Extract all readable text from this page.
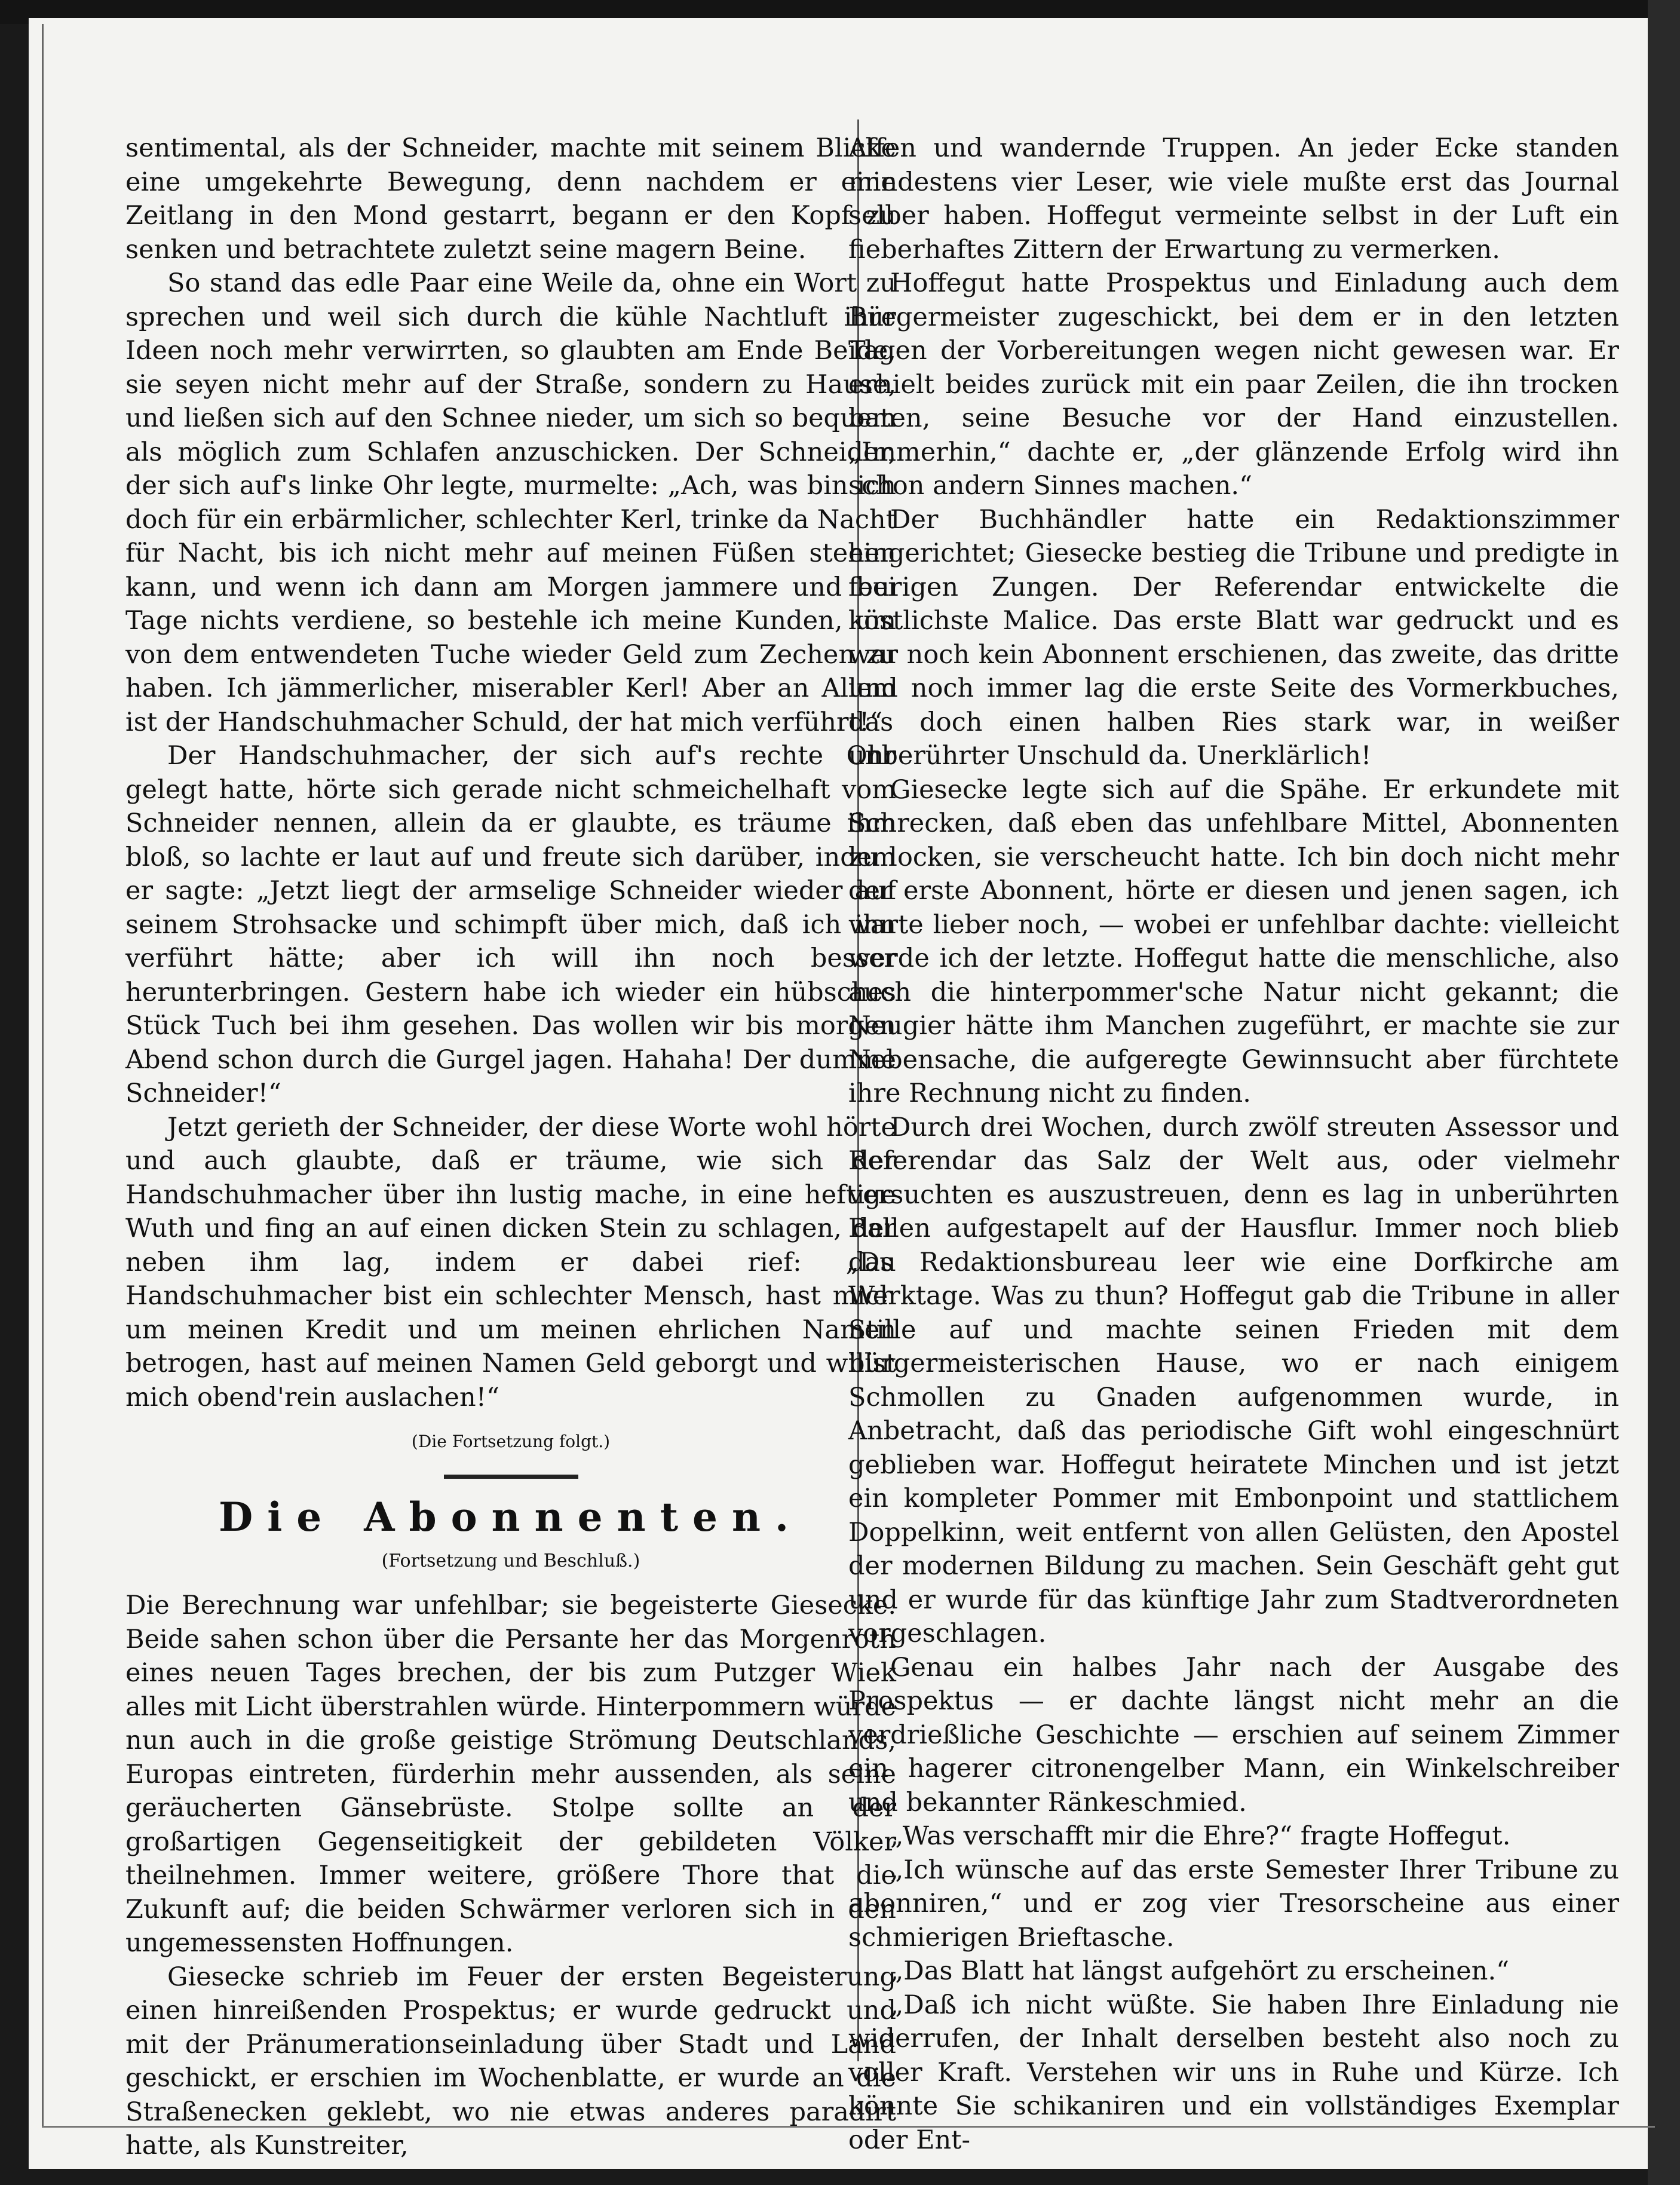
sentimental, als der Schneider, machte mit seinem Blicke eine umgekehrte Bewegung, denn nachdem er eine Zeitlang in den Mond gestarrt, begann er den Kopf zu senken und betrachtete zuletzt seine magern Beine.

So stand das edle Paar eine Weile da, ohne ein Wort zu sprechen und weil sich durch die kühle Nachtluft ihre Ideen noch mehr verwirrten, so glaubten am Ende Beide, sie seyen nicht mehr auf der Straße, sondern zu Hause, und ließen sich auf den Schnee nieder, um sich so bequem als möglich zum Schlafen anzuschicken. Der Schneider, der sich auf's linke Ohr legte, murmelte: „Ach, was bin ich doch für ein erbärmlicher, schlechter Kerl, trinke da Nacht für Nacht, bis ich nicht mehr auf meinen Füßen stehen kann, und wenn ich dann am Morgen jammere und bei Tage nichts verdiene, so bestehle ich meine Kunden, um von dem entwendeten Tuche wieder Geld zum Zechen zu haben. Ich jämmerlicher, miserabler Kerl! Aber an Allem ist der Handschuhmacher Schuld, der hat mich verführt!“

Der Handschuhmacher, der sich auf's rechte Ohr gelegt hatte, hörte sich gerade nicht schmeichelhaft vom Schneider nennen, allein da er glaubte, es träume ihm bloß, so lachte er laut auf und freute sich darüber, indem er sagte: „Jetzt liegt der armselige Schneider wieder auf seinem Strohsacke und schimpft über mich, daß ich ihn verführt hätte; aber ich will ihn noch besser herunterbringen. Gestern habe ich wieder ein hübsches Stück Tuch bei ihm gesehen. Das wollen wir bis morgen Abend schon durch die Gurgel jagen. Hahaha! Der dumme Schneider!“

Jetzt gerieth der Schneider, der diese Worte wohl hörte und auch glaubte, daß er träume, wie sich der Handschuhmacher über ihn lustig mache, in eine heftige Wuth und fing an auf einen dicken Stein zu schlagen, der neben ihm lag, indem er dabei rief: „Du Handschuhmacher bist ein schlechter Mensch, hast mich um meinen Kredit und um meinen ehrlichen Namen betrogen, hast auf meinen Namen Geld geborgt und willst mich obend'rein auslachen!“

(Die Fortsetzung folgt.)
Die Abonnenten.
(Fortsetzung und Beschluß.)

Die Berechnung war unfehlbar; sie begeisterte Giesecke. Beide sahen schon über die Persante her das Morgenroth eines neuen Tages brechen, der bis zum Putzger Wiek alles mit Licht überstrahlen würde. Hinterpommern würde nun auch in die große geistige Strömung Deutschlands, Europas eintreten, fürderhin mehr aussenden, als seine geräucherten Gänsebrüste. Stolpe sollte an der großartigen Gegenseitigkeit der gebildeten Völker theilnehmen. Immer weitere, größere Thore that die Zukunft auf; die beiden Schwärmer verloren sich in den ungemessensten Hoffnungen.

Giesecke schrieb im Feuer der ersten Begeisterung einen hinreißenden Prospektus; er wurde gedruckt und mit der Pränumerationseinladung über Stadt und Land geschickt, er erschien im Wochenblatte, er wurde an die Straßenecken geklebt, wo nie etwas anderes paradirt hatte, als Kunstreiter,

Affen und wandernde Truppen. An jeder Ecke standen mindestens vier Leser, wie viele mußte erst das Journal selber haben. Hoffegut vermeinte selbst in der Luft ein fieberhaftes Zittern der Erwartung zu vermerken.

Hoffegut hatte Prospektus und Einladung auch dem Bürgermeister zugeschickt, bei dem er in den letzten Tagen der Vorbereitungen wegen nicht gewesen war. Er erhielt beides zurück mit ein paar Zeilen, die ihn trocken baten, seine Besuche vor der Hand einzustellen. „Immerhin,“ dachte er, „der glänzende Erfolg wird ihn schon andern Sinnes machen.“

Der Buchhändler hatte ein Redaktionszimmer eingerichtet; Giesecke bestieg die Tribune und predigte in feurigen Zungen. Der Referendar entwickelte die köstlichste Malice. Das erste Blatt war gedruckt und es war noch kein Abonnent erschienen, das zweite, das dritte und noch immer lag die erste Seite des Vormerkbuches, das doch einen halben Ries stark war, in weißer unberührter Unschuld da. Unerklärlich!

Giesecke legte sich auf die Spähe. Er erkundete mit Schrecken, daß eben das unfehlbare Mittel, Abonnenten zu locken, sie verscheucht hatte. Ich bin doch nicht mehr der erste Abonnent, hörte er diesen und jenen sagen, ich warte lieber noch, — wobei er unfehlbar dachte: vielleicht werde ich der letzte. Hoffegut hatte die menschliche, also auch die hinterpommer'sche Natur nicht gekannt; die Neugier hätte ihm Manchen zugeführt, er machte sie zur Nebensache, die aufgeregte Gewinnsucht aber fürchtete ihre Rechnung nicht zu finden.

Durch drei Wochen, durch zwölf streuten Assessor und Referendar das Salz der Welt aus, oder vielmehr versuchten es auszustreuen, denn es lag in unberührten Ballen aufgestapelt auf der Hausflur. Immer noch blieb das Redaktionsbureau leer wie eine Dorfkirche am Werktage. Was zu thun? Hoffegut gab die Tribune in aller Stille auf und machte seinen Frieden mit dem bürgermeisterischen Hause, wo er nach einigem Schmollen zu Gnaden aufgenommen wurde, in Anbetracht, daß das periodische Gift wohl eingeschnürt geblieben war. Hoffegut heiratete Minchen und ist jetzt ein kompleter Pommer mit Embonpoint und stattlichem Doppelkinn, weit entfernt von allen Gelüsten, den Apostel der modernen Bildung zu machen. Sein Geschäft geht gut und er wurde für das künftige Jahr zum Stadtverordneten vorgeschlagen.

Genau ein halbes Jahr nach der Ausgabe des Prospektus — er dachte längst nicht mehr an die verdrießliche Geschichte — erschien auf seinem Zimmer ein hagerer citronengelber Mann, ein Winkelschreiber und bekannter Ränkeschmied.

„Was verschafft mir die Ehre?“ fragte Hoffegut.

„Ich wünsche auf das erste Semester Ihrer Tribune zu abonniren,“ und er zog vier Tresorscheine aus einer schmierigen Brieftasche.

„Das Blatt hat längst aufgehört zu erscheinen.“

„Daß ich nicht wüßte. Sie haben Ihre Einladung nie widerrufen, der Inhalt derselben besteht also noch zu voller Kraft. Verstehen wir uns in Ruhe und Kürze. Ich könnte Sie schikaniren und ein vollständiges Exemplar oder Ent-
